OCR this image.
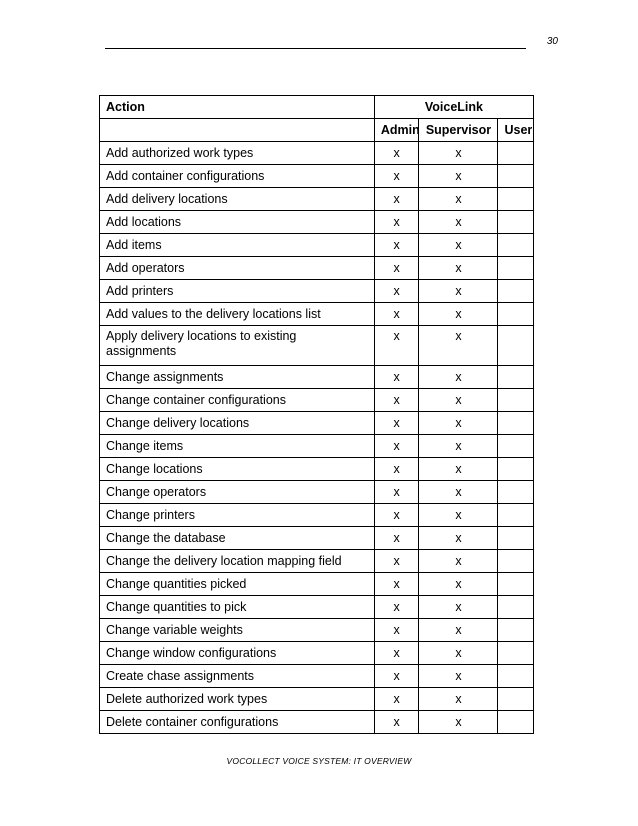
30
Action	VoiceLink		
	Admin	Supervisor	User
Add authorized work types	x	x	
Add container configurations	x	x	
Add delivery locations	x	x	
Add locations	x	x	
Add items	x	x	
Add operators	x	x	
Add printers	x	x	
Add values to the delivery locations list	x	x	
Apply delivery locations to existing assignments	x	x	
Change assignments	x	x	
Change container configurations	x	x	
Change delivery locations	x	x	
Change items	x	x	
Change locations	x	x	
Change operators	x	x	
Change printers	x	x	
Change the database	x	x	
Change the delivery location mapping field	x	x	
Change quantities picked	x	x	
Change quantities to pick	x	x	
Change variable weights	x	x	
Change window configurations	x	x	
Create chase assignments	x	x	
Delete authorized work types	x	x	
Delete container configurations	x	x	
VOCOLLECT VOICE SYSTEM: IT OVERVIEW
